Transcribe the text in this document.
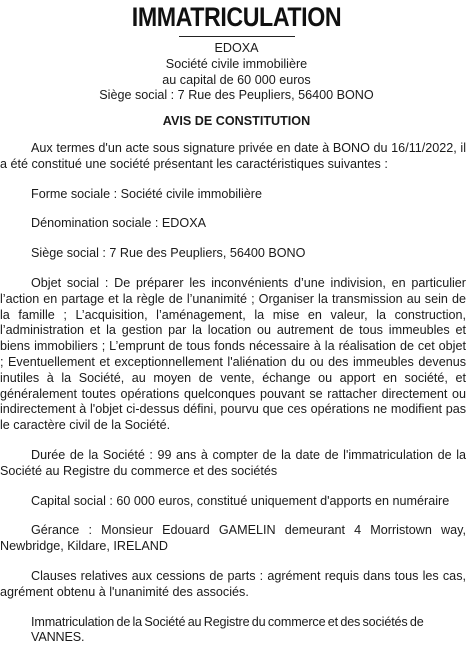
IMMATRICULATION
EDOXA
Société civile immobilière
au capital de 60 000 euros
Siège social : 7 Rue des Peupliers, 56400 BONO
AVIS DE CONSTITUTION
Aux termes d'un acte sous signature privée en date à BONO du 16/11/2022, il a été constitué une société présentant les caractéristiques suivantes :
Forme sociale : Société civile immobilière
Dénomination sociale : EDOXA
Siège social : 7 Rue des Peupliers, 56400 BONO
Objet social : De préparer les inconvénients d’une indivision, en particulier l’action en partage et la règle de l’unanimité ; Organiser la transmission au sein de la famille ; L’acquisition, l’aménagement, la mise en valeur, la construction, l’administration et la gestion par la location ou autrement de tous immeubles et biens immobiliers ; L’emprunt de tous fonds nécessaire à la réalisation de cet objet ; Eventuellement et exceptionnellement l'aliénation du ou des immeubles devenus inutiles à la Société, au moyen de vente, échange ou apport en société, et généralement toutes opérations quelconques pouvant se rattacher directement ou indirectement à l'objet ci-dessus défini, pourvu que ces opérations ne modifient pas le caractère civil de la Société.
Durée de la Société : 99 ans à compter de la date de l'immatriculation de la Société au Registre du commerce et des sociétés
Capital social : 60 000 euros, constitué uniquement d'apports en numéraire
Gérance : Monsieur Edouard GAMELIN demeurant 4 Morristown way, Newbridge, Kildare, IRELAND
Clauses relatives aux cessions de parts : agrément requis dans tous les cas, agrément obtenu à l'unanimité des associés.
Immatriculation de la Société au Registre du commerce et des sociétés de VANNES.
